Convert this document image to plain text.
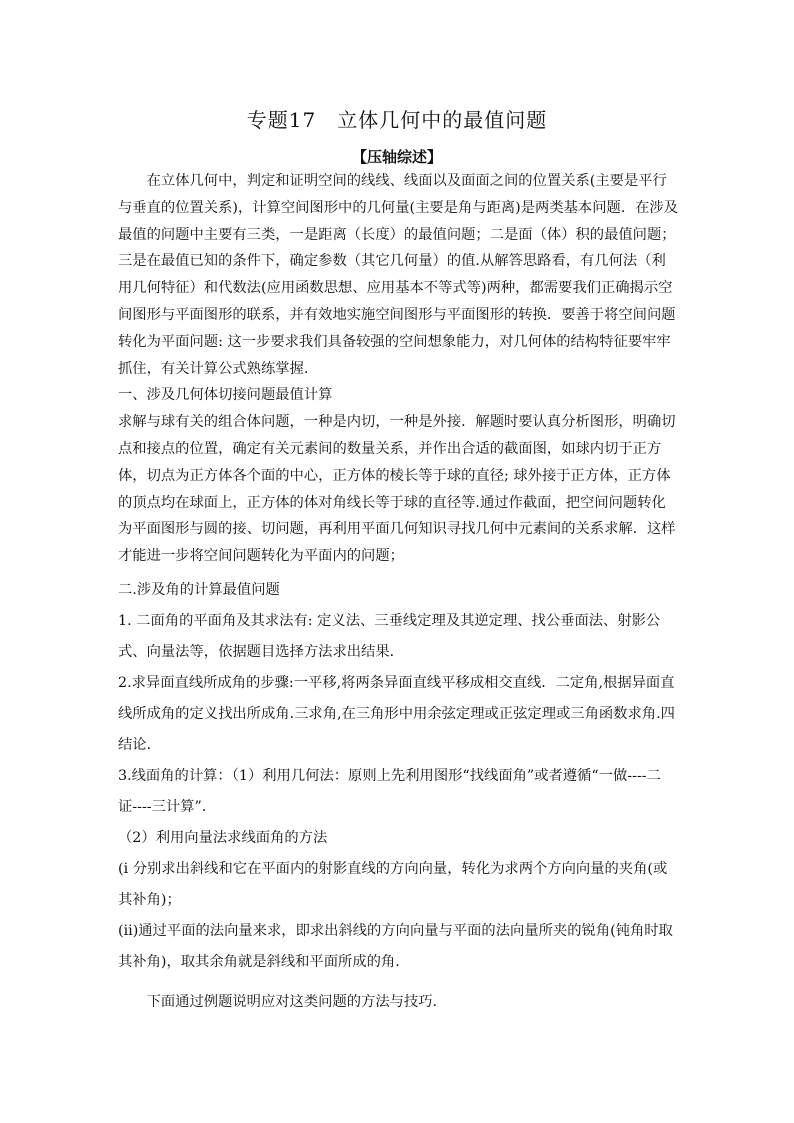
专题17　立体几何中的最值问题
【压轴综述】

在立体几何中，判定和证明空间的线线、线面以及面面之间的位置关系(主要是平行与垂直的位置关系)，计算空间图形中的几何量(主要是角与距离)是两类基本问题．在涉及最值的问题中主要有三类，一是距离（长度）的最值问题；二是面（体）积的最值问题；三是在最值已知的条件下，确定参数（其它几何量）的值.从解答思路看，有几何法（利用几何特征）和代数法(应用函数思想、应用基本不等式等)两种，都需要我们正确揭示空间图形与平面图形的联系，并有效地实施空间图形与平面图形的转换．要善于将空间问题转化为平面问题: 这一步要求我们具备较强的空间想象能力，对几何体的结构特征要牢牢抓住，有关计算公式熟练掌握.

一、涉及几何体切接问题最值计算

求解与球有关的组合体问题，一种是内切，一种是外接．解题时要认真分析图形，明确切点和接点的位置，确定有关元素间的数量关系，并作出合适的截面图，如球内切于正方体，切点为正方体各个面的中心，正方体的棱长等于球的直径; 球外接于正方体，正方体的顶点均在球面上，正方体的体对角线长等于球的直径等.通过作截面，把空间问题转化为平面图形与圆的接、切问题，再利用平面几何知识寻找几何中元素间的关系求解．这样才能进一步将空间问题转化为平面内的问题；

二.涉及角的计算最值问题

1. 二面角的平面角及其求法有: 定义法、三垂线定理及其逆定理、找公垂面法、射影公式、向量法等，依据题目选择方法求出结果．

2.求异面直线所成角的步骤:一平移,将两条异面直线平移成相交直线．二定角,根据异面直线所成角的定义找出所成角.三求角,在三角形中用余弦定理或正弦定理或三角函数求角.四结论．

3.线面角的计算：（1）利用几何法：原则上先利用图形“找线面角”或者遵循“一做----二证----三计算”．

（2）利用向量法求线面角的方法

(i 分别求出斜线和它在平面内的射影直线的方向向量，转化为求两个方向向量的夹角(或其补角)；

(ii)通过平面的法向量来求，即求出斜线的方向向量与平面的法向量所夹的锐角(钝角时取其补角)，取其余角就是斜线和平面所成的角.

下面通过例题说明应对这类问题的方法与技巧.
